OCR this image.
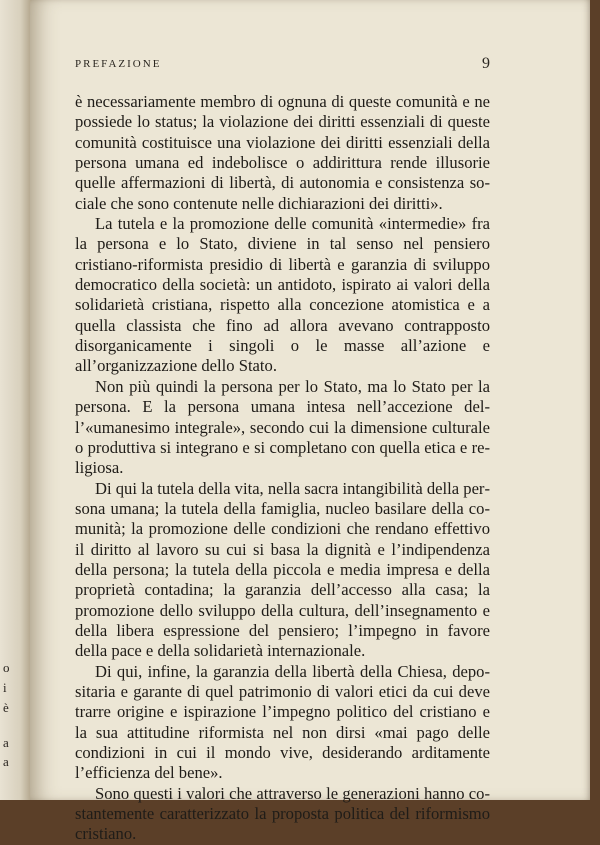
o
i
è
a
a
PREFAZIONE	9

è necessariamente membro di ognuna di queste comunità e ne possiede lo status; la violazione dei diritti essenziali di queste comunità costituisce una violazione dei diritti essenziali della persona umana ed indebolisce o addirittura rende illusorie quelle affermazioni di libertà, di autonomia e consistenza sociale che sono contenute nelle dichiarazioni dei diritti».

La tutela e la promozione delle comunità «intermedie» fra la persona e lo Stato, diviene in tal senso nel pensiero cristiano-riformista presidio di libertà e garanzia di sviluppo democratico della società: un antidoto, ispirato ai valori della solidarietà cristiana, rispetto alla concezione atomistica e a quella classista che fino ad allora avevano contrapposto disorganicamente i singoli o le masse all’azione e all’organizzazione dello Stato.

Non più quindi la persona per lo Stato, ma lo Stato per la persona. E la persona umana intesa nell’accezione dell’«umanesimo integrale», secondo cui la dimensione culturale o produttiva si integrano e si completano con quella etica e religiosa.

Di qui la tutela della vita, nella sacra intangibilità della persona umana; la tutela della famiglia, nucleo basilare della comunità; la promozione delle condizioni che rendano effettivo il diritto al lavoro su cui si basa la dignità e l’indipendenza della persona; la tutela della piccola e media impresa e della proprietà contadina; la garanzia dell’accesso alla casa; la promozione dello sviluppo della cultura, dell’insegnamento e della libera espressione del pensiero; l’impegno in favore della pace e della solidarietà internazionale.

Di qui, infine, la garanzia della libertà della Chiesa, depositaria e garante di quel patrimonio di valori etici da cui deve trarre origine e ispirazione l’impegno politico del cristiano e la sua attitudine riformista nel non dirsi «mai pago delle condizioni in cui il mondo vive, desiderando arditamente l’efficienza del bene».

Sono questi i valori che attraverso le generazioni hanno costantemente caratterizzato la proposta politica del riformismo cristiano.
